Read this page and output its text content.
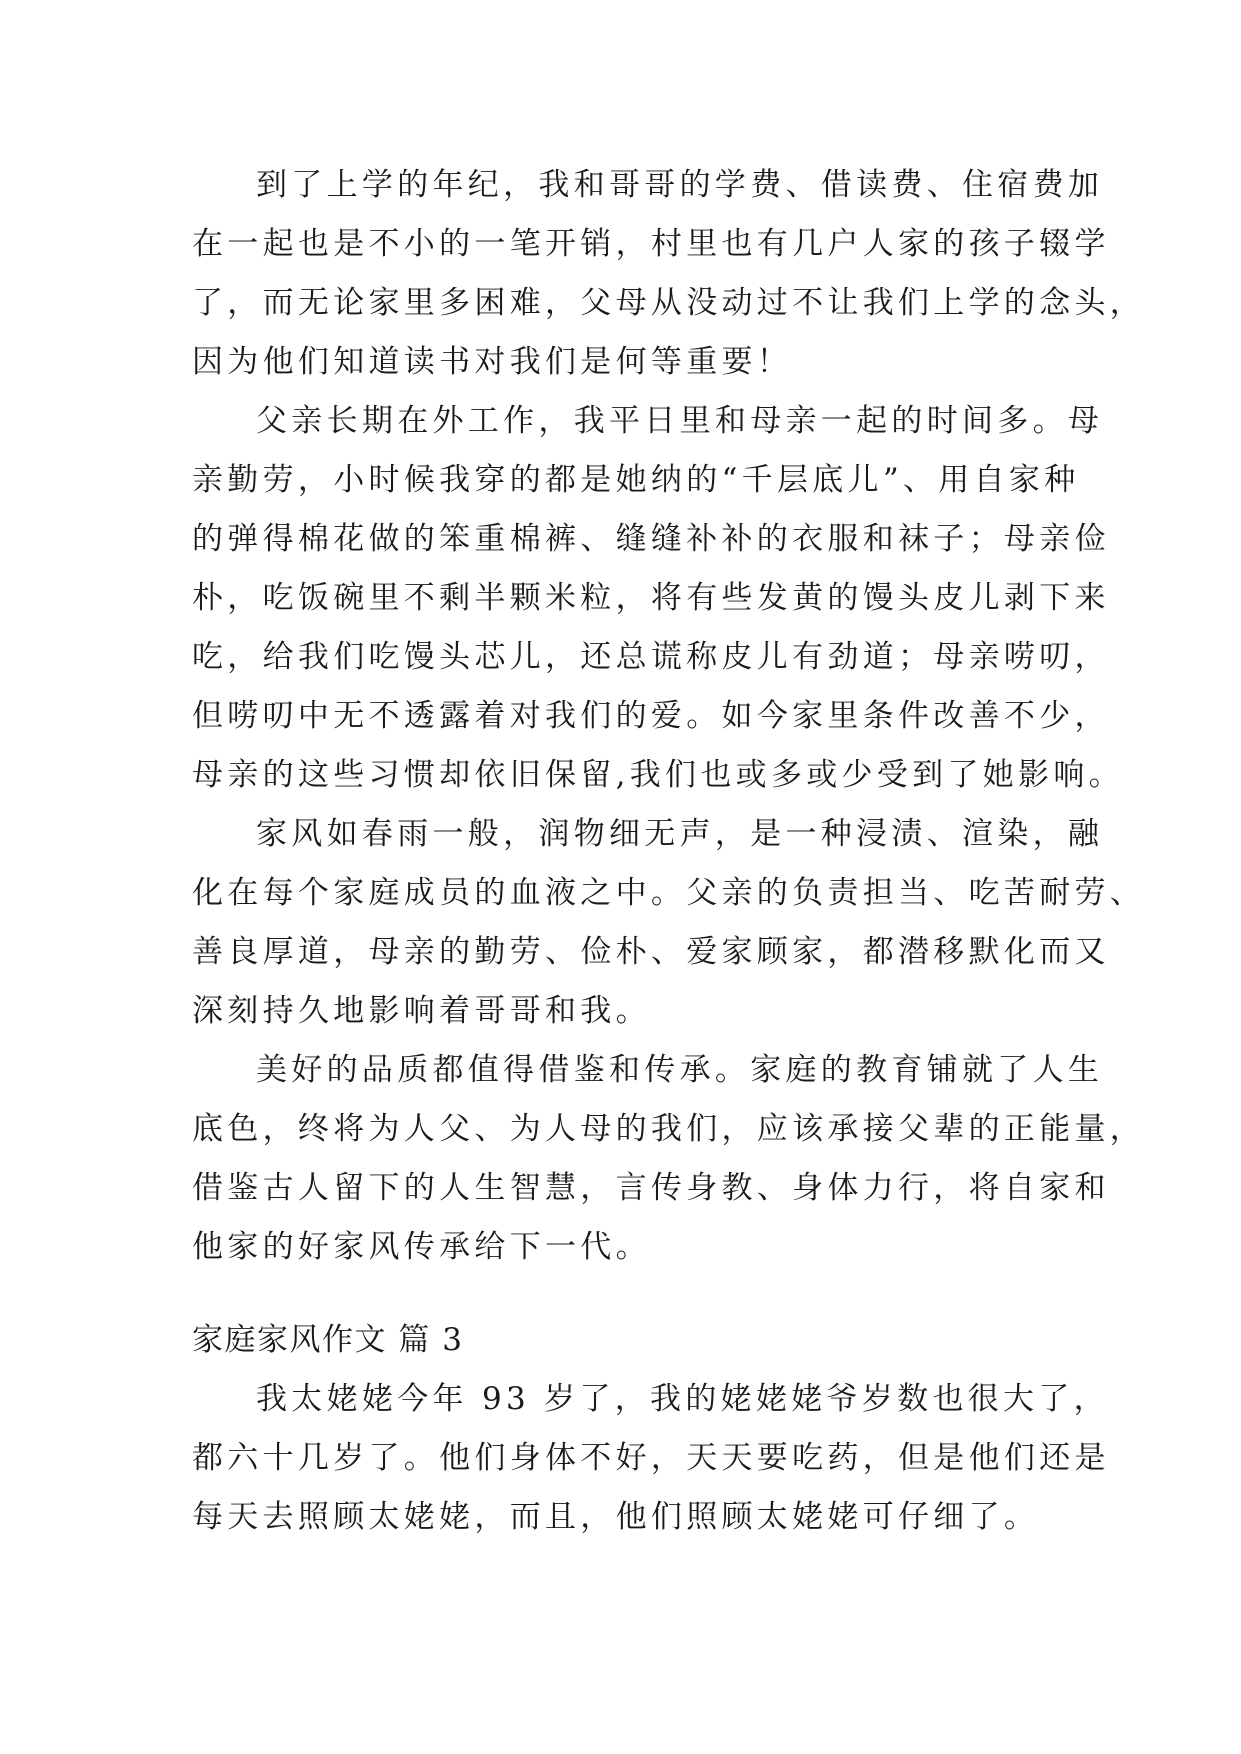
到了上学的年纪，我和哥哥的学费、借读费、住宿费加
在一起也是不小的一笔开销，村里也有几户人家的孩子辍学
了，而无论家里多困难，父母从没动过不让我们上学的念头，
因为他们知道读书对我们是何等重要！
父亲长期在外工作，我平日里和母亲一起的时间多。母
亲勤劳，小时候我穿的都是她纳的“千层底儿”、用自家种
的弹得棉花做的笨重棉裤、缝缝补补的衣服和袜子；母亲俭
朴，吃饭碗里不剩半颗米粒，将有些发黄的馒头皮儿剥下来
吃，给我们吃馒头芯儿，还总谎称皮儿有劲道；母亲唠叨，
但唠叨中无不透露着对我们的爱。如今家里条件改善不少，
母亲的这些习惯却依旧保留,我们也或多或少受到了她影响。
家风如春雨一般，润物细无声，是一种浸渍、渲染，融
化在每个家庭成员的血液之中。父亲的负责担当、吃苦耐劳、
善良厚道，母亲的勤劳、俭朴、爱家顾家，都潜移默化而又
深刻持久地影响着哥哥和我。
美好的品质都值得借鉴和传承。家庭的教育铺就了人生
底色，终将为人父、为人母的我们，应该承接父辈的正能量，
借鉴古人留下的人生智慧，言传身教、身体力行，将自家和
他家的好家风传承给下一代。
家庭家风作文 篇 3
我太姥姥今年 93 岁了，我的姥姥姥爷岁数也很大了，
都六十几岁了。他们身体不好，天天要吃药，但是他们还是
每天去照顾太姥姥，而且，他们照顾太姥姥可仔细了。
